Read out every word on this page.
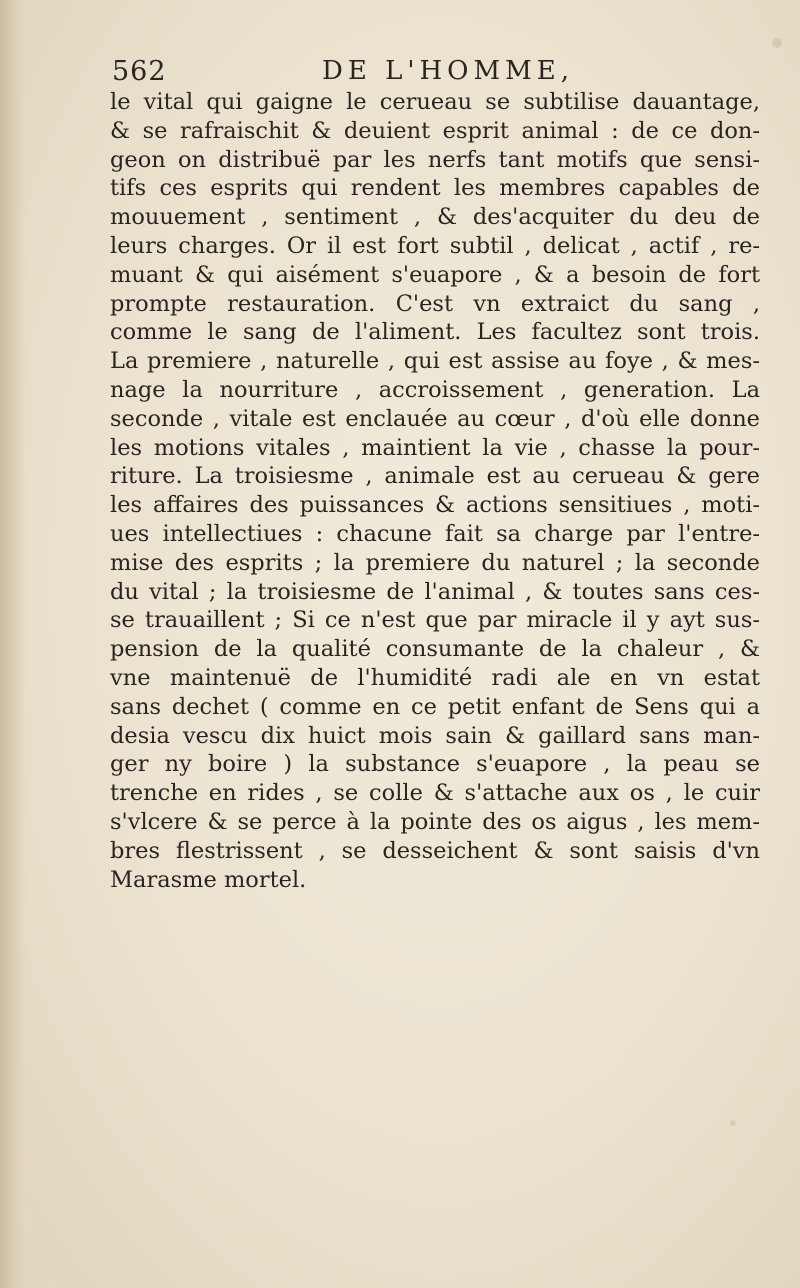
562	DE L'HOMME,
le vital qui gaigne le cerueau se subtilise dauantage,
& se rafraischit & deuient esprit animal : de ce don-
geon on distribuë par les nerfs tant motifs que sensi-
tifs ces esprits qui rendent les membres capables de
mouuement , sentiment , & des'acquiter du deu de
leurs charges. Or il est fort subtil , delicat , actif , re-
muant & qui aisément s'euapore , & a besoin de fort
prompte restauration. C'est vn extraict du sang ,
comme le sang de l'aliment. Les facultez sont trois.
La premiere , naturelle , qui est assise au foye , & mes-
nage la nourriture , accroissement , generation. La
seconde , vitale est enclauée au cœur , d'où elle donne
les motions vitales , maintient la vie , chasse la pour-
riture. La troisiesme , animale est au cerueau & gere
les affaires des puissances & actions sensitiues , moti-
ues intellectiues : chacune fait sa charge par l'entre-
mise des esprits ; la premiere du naturel ; la seconde
du vital ; la troisiesme de l'animal , & toutes sans ces-
se trauaillent ; Si ce n'est que par miracle il y ayt sus-
pension de la qualité consumante de la chaleur , &
vne maintenuë de l'humidité radi ale en vn estat
sans dechet ( comme en ce petit enfant de Sens qui a
desia vescu dix huict mois sain & gaillard sans man-
ger ny boire ) la substance s'euapore , la peau se
trenche en rides , se colle & s'attache aux os , le cuir
s'vlcere & se perce à la pointe des os aigus , les mem-
bres flestrissent , se desseichent & sont saisis d'vn
Marasme mortel.
